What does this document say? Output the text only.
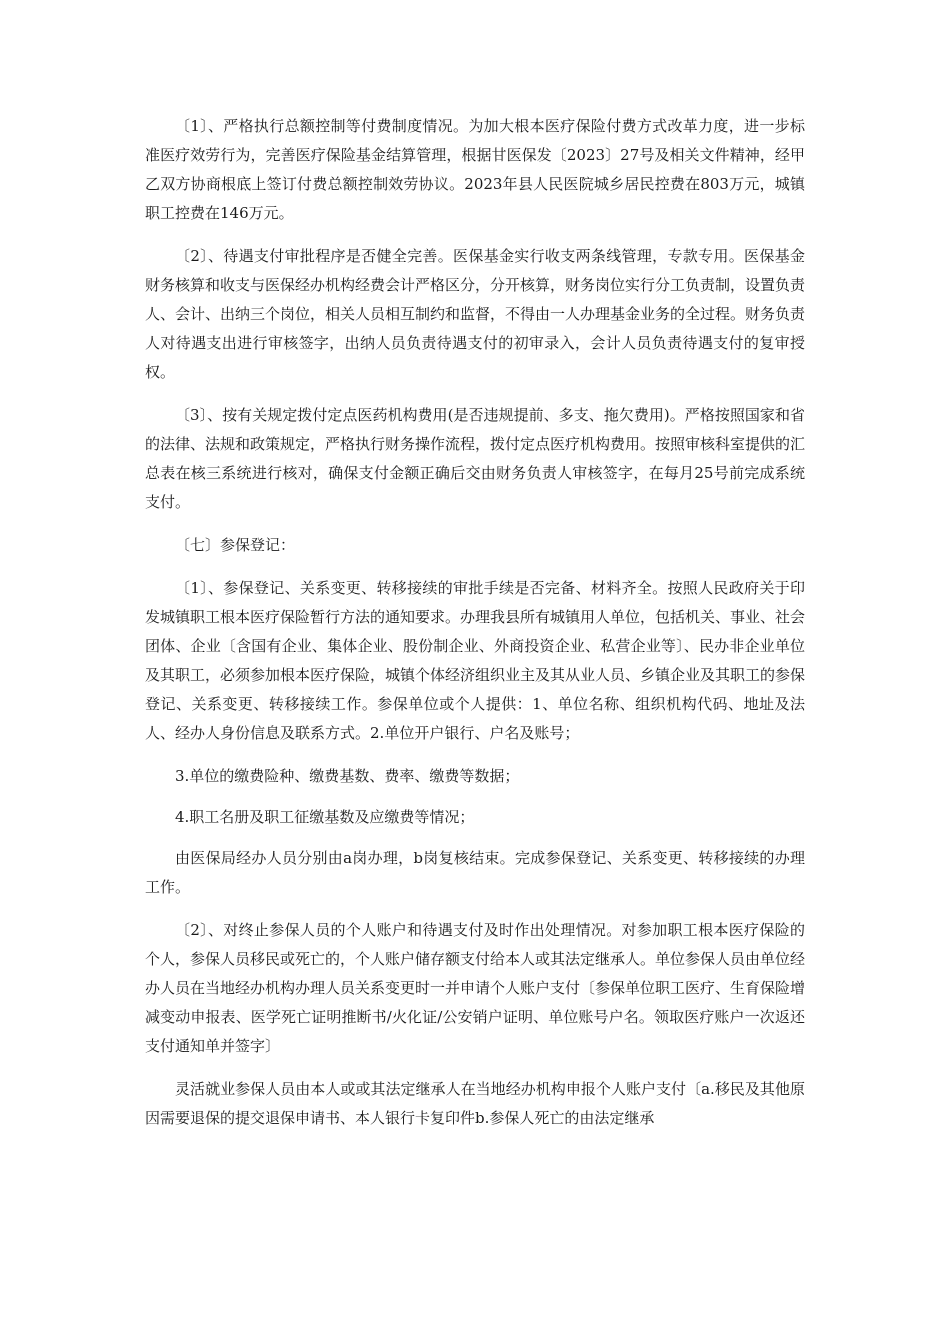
〔1〕、严格执行总额控制等付费制度情况。为加大根本医疗保险付费方式改革力度，进一步标准医疗效劳行为，完善医疗保险基金结算管理，根据甘医保发〔2023〕27号及相关文件精神，经甲乙双方协商根底上签订付费总额控制效劳协议。2023年县人民医院城乡居民控费在803万元，城镇职工控费在146万元。

〔2〕、待遇支付审批程序是否健全完善。医保基金实行收支两条线管理，专款专用。医保基金财务核算和收支与医保经办机构经费会计严格区分，分开核算，财务岗位实行分工负责制，设置负责人、会计、出纳三个岗位，相关人员相互制约和监督，不得由一人办理基金业务的全过程。财务负责人对待遇支出进行审核签字，出纳人员负责待遇支付的初审录入，会计人员负责待遇支付的复审授权。

〔3〕、按有关规定拨付定点医药机构费用(是否违规提前、多支、拖欠费用)。严格按照国家和省的法律、法规和政策规定，严格执行财务操作流程，拨付定点医疗机构费用。按照审核科室提供的汇总表在核三系统进行核对，确保支付金额正确后交由财务负责人审核签字，在每月25号前完成系统支付。

〔七〕参保登记：

〔1〕、参保登记、关系变更、转移接续的审批手续是否完备、材料齐全。按照人民政府关于印发城镇职工根本医疗保险暂行方法的通知要求。办理我县所有城镇用人单位，包括机关、事业、社会团体、企业〔含国有企业、集体企业、股份制企业、外商投资企业、私营企业等〕、民办非企业单位及其职工，必须参加根本医疗保险，城镇个体经济组织业主及其从业人员、乡镇企业及其职工的参保登记、关系变更、转移接续工作。参保单位或个人提供：1、单位名称、组织机构代码、地址及法人、经办人身份信息及联系方式。2.单位开户银行、户名及账号；

3.单位的缴费险种、缴费基数、费率、缴费等数据；

4.职工名册及职工征缴基数及应缴费等情况；

由医保局经办人员分别由a岗办理，b岗复核结束。完成参保登记、关系变更、转移接续的办理工作。

〔2〕、对终止参保人员的个人账户和待遇支付及时作出处理情况。对参加职工根本医疗保险的个人，参保人员移民或死亡的，个人账户储存额支付给本人或其法定继承人。单位参保人员由单位经办人员在当地经办机构办理人员关系变更时一并申请个人账户支付〔参保单位职工医疗、生育保险增减变动申报表、医学死亡证明推断书/火化证/公安销户证明、单位账号户名。领取医疗账户一次返还支付通知单并签字〕

灵活就业参保人员由本人或或其法定继承人在当地经办机构申报个人账户支付〔a.移民及其他原因需要退保的提交退保申请书、本人银行卡复印件b.参保人死亡的由法定继承
